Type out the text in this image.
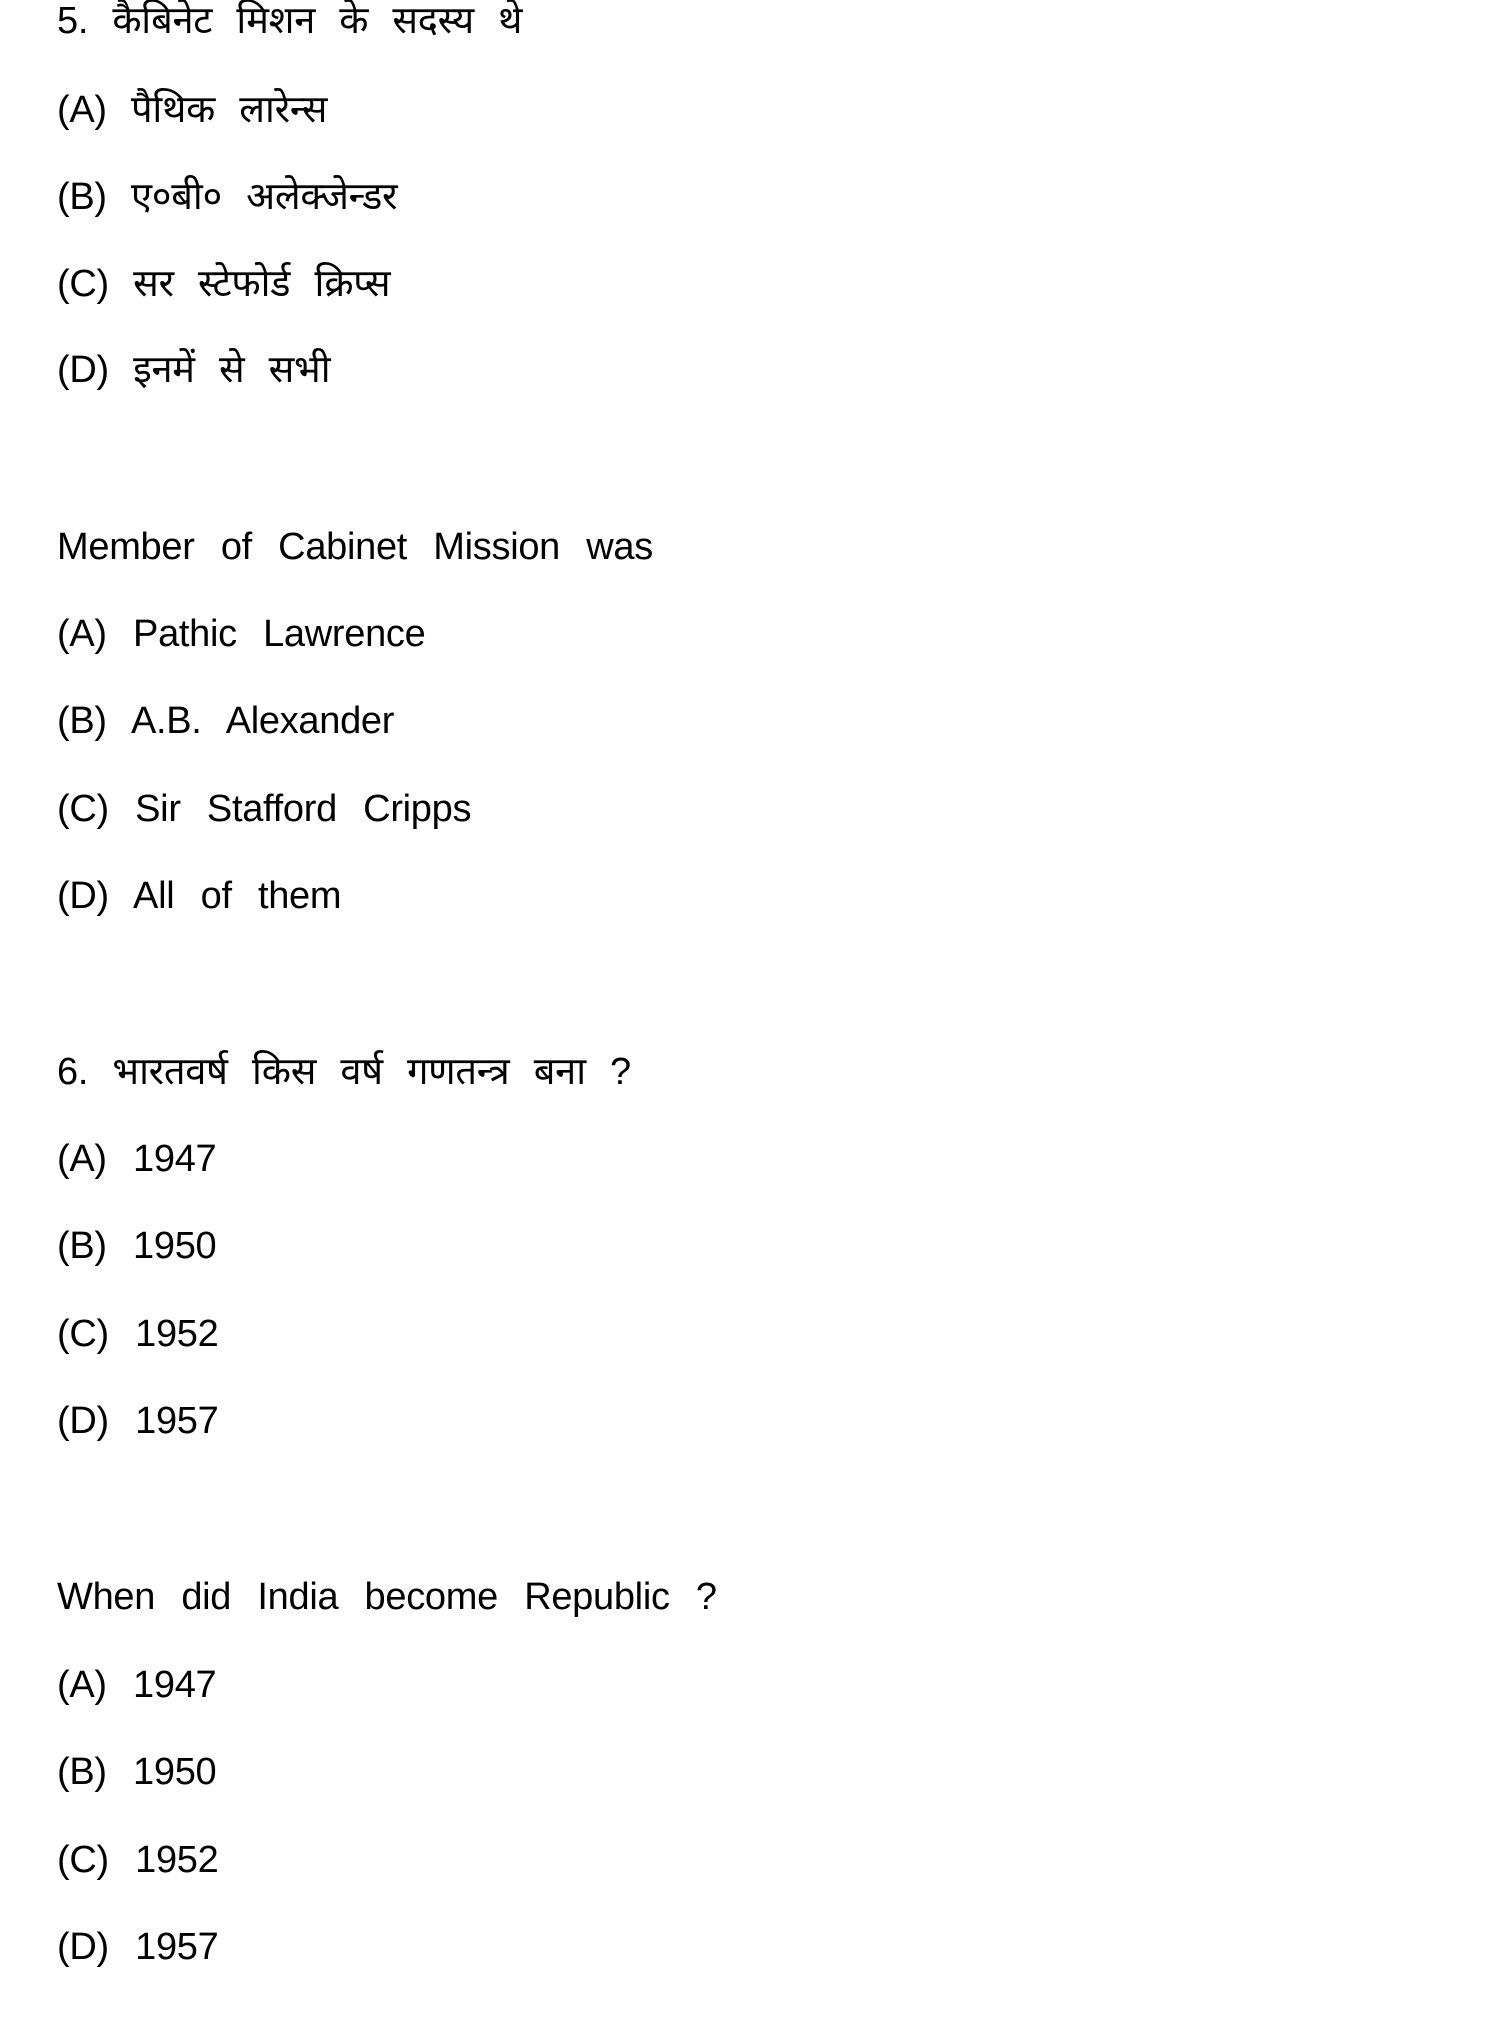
5. कैबिनेट मिशन के सदस्य थे

(A) पैथिक लारेन्स

(B) ए०बी० अलेक्जेन्डर

(C) सर स्टेफोर्ड क्रिप्स

(D) इनमें से सभी

Member of Cabinet Mission was

(A) Pathic Lawrence

(B) A.B. Alexander

(C) Sir Stafford Cripps

(D) All of them

6. भारतवर्ष किस वर्ष गणतन्त्र बना ?

(A) 1947

(B) 1950

(C) 1952

(D) 1957

When did India become Republic ?

(A) 1947

(B) 1950

(C) 1952

(D) 1957
